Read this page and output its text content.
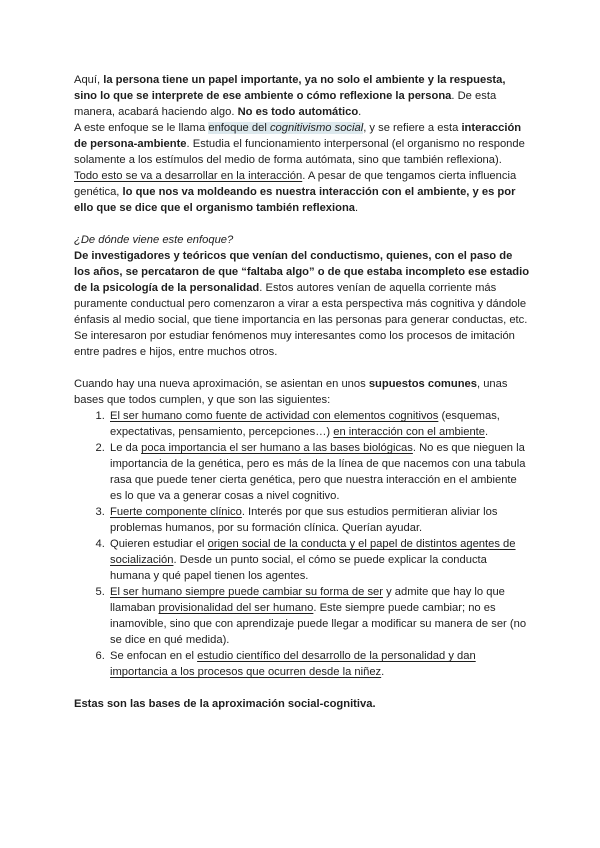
Aquí, la persona tiene un papel importante, ya no solo el ambiente y la respuesta, sino lo que se interprete de ese ambiente o cómo reflexione la persona. De esta manera, acabará haciendo algo. No es todo automático.

A este enfoque se le llama enfoque del cognitivismo social, y se refiere a esta interacción de persona-ambiente. Estudia el funcionamiento interpersonal (el organismo no responde solamente a los estímulos del medio de forma autómata, sino que también reflexiona).

Todo esto se va a desarrollar en la interacción. A pesar de que tengamos cierta influencia genética, lo que nos va moldeando es nuestra interacción con el ambiente, y es por ello que se dice que el organismo también reflexiona.

¿De dónde viene este enfoque?

De investigadores y teóricos que venían del conductismo, quienes, con el paso de los años, se percataron de que “faltaba algo” o de que estaba incompleto ese estadio de la psicología de la personalidad. Estos autores venían de aquella corriente más puramente conductual pero comenzaron a virar a esta perspectiva más cognitiva y dándole énfasis al medio social, que tiene importancia en las personas para generar conductas, etc.

Se interesaron por estudiar fenómenos muy interesantes como los procesos de imitación entre padres e hijos, entre muchos otros.

Cuando hay una nueva aproximación, se asientan en unos supuestos comunes, unas bases que todos cumplen, y que son las siguientes:

1. El ser humano como fuente de actividad con elementos cognitivos (esquemas, expectativas, pensamiento, percepciones…) en interacción con el ambiente.
2. Le da poca importancia el ser humano a las bases biológicas. No es que nieguen la importancia de la genética, pero es más de la línea de que nacemos con una tabula rasa que puede tener cierta genética, pero que nuestra interacción en el ambiente es lo que va a generar cosas a nivel cognitivo.
3. Fuerte componente clínico. Interés por que sus estudios permitieran aliviar los problemas humanos, por su formación clínica. Querían ayudar.
4. Quieren estudiar el origen social de la conducta y el papel de distintos agentes de socialización. Desde un punto social, el cómo se puede explicar la conducta humana y qué papel tienen los agentes.
5. El ser humano siempre puede cambiar su forma de ser y admite que hay lo que llamaban provisionalidad del ser humano. Este siempre puede cambiar; no es inamovible, sino que con aprendizaje puede llegar a modificar su manera de ser (no se dice en qué medida).
6. Se enfocan en el estudio científico del desarrollo de la personalidad y dan importancia a los procesos que ocurren desde la niñez.

Estas son las bases de la aproximación social-cognitiva.
